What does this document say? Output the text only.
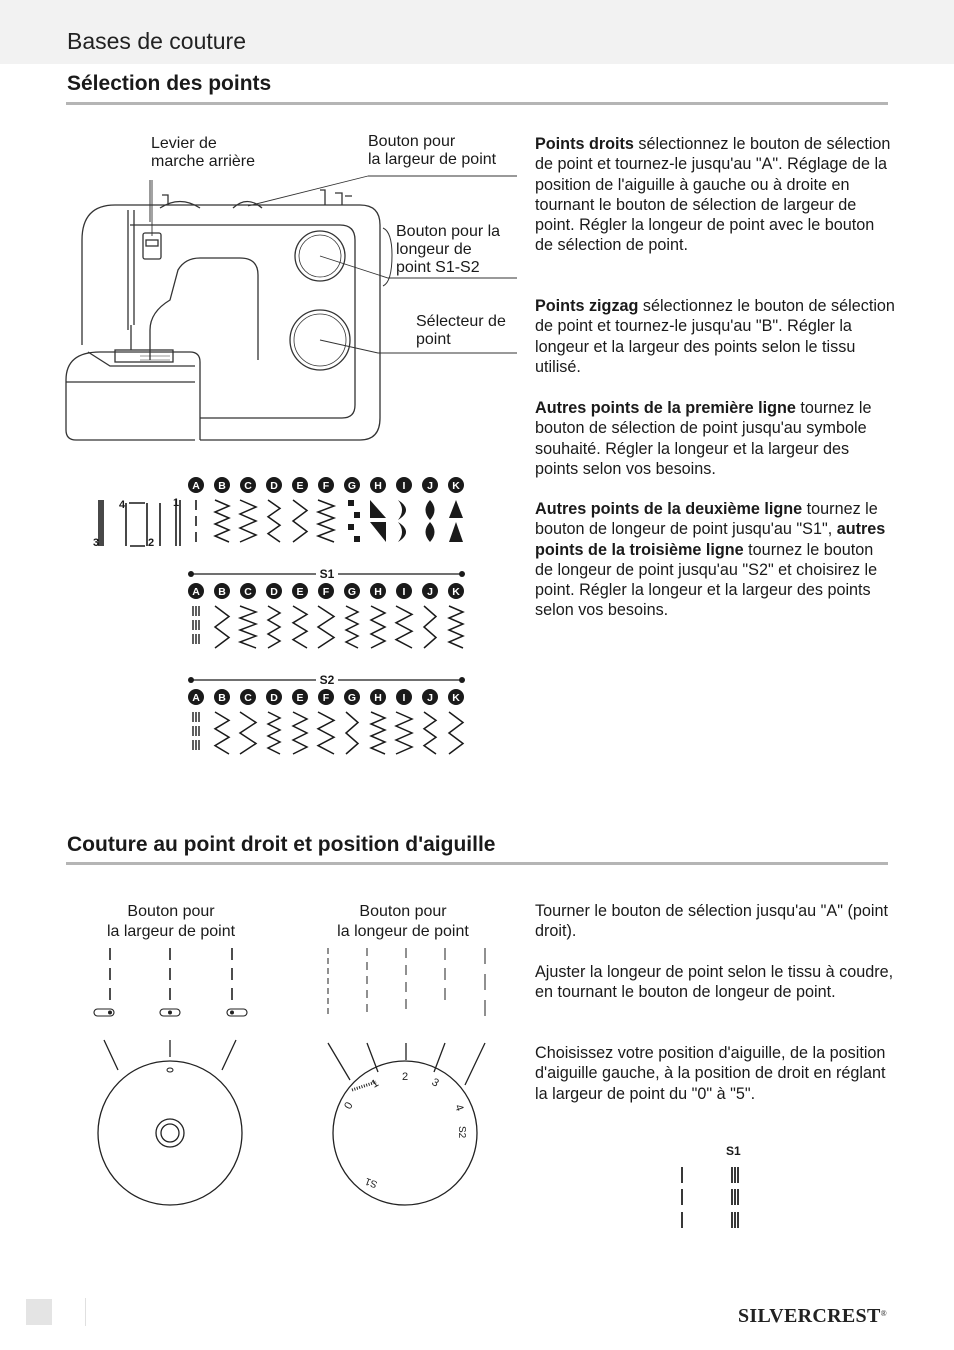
Bases de couture
Sélection des points
Levier de
marche arrière
Bouton pour
la largeur de point
Bouton pour la
longeur de
point S1-S2
Sélecteur de
point
A B C D E F G H I J K
4	1
3	2
S1
A B C D E F G H I J K
S2
A B C D E F G H I J K
Points droits sélectionnez le bouton de sélection de point et tournez-le jusqu'au "A". Réglage de la position de l'aiguille à gauche ou à droite en tournant le bouton de sélection de largeur de point. Régler la longeur de point avec le bouton de sélection de point.
Points zigzag sélectionnez le bouton de sélection de point et tournez-le jusqu'au "B". Régler la longeur et la largeur des points selon le tissu utilisé.
Autres points de la première ligne tournez le bouton de sélection de point jusqu'au symbole souhaité. Régler la longeur et la largeur des points selon vos besoins.
Autres points de la deuxième ligne tournez le bouton de longeur de point jusqu'au "S1", autres points de la troisième ligne tournez le bouton de longeur de point jusqu'au "S2" et choisirez le point. Régler la longeur et la largeur des points selon vos besoins.
Couture au point droit et position d'aiguille
Bouton pour
la largeur de point
Bouton pour
la longeur de point
0
1
2 3
4
S2
S1
Tourner le bouton de sélection jusqu'au "A" (point droit).
Ajuster la longeur de point selon le tissu à coudre, en tournant le bouton de longeur de point.
Choisissez votre position d'aiguille, de la position d'aiguille gauche, à la position de droit en réglant la largeur de point du "0" à "5".
S1
SILVERCREST®
